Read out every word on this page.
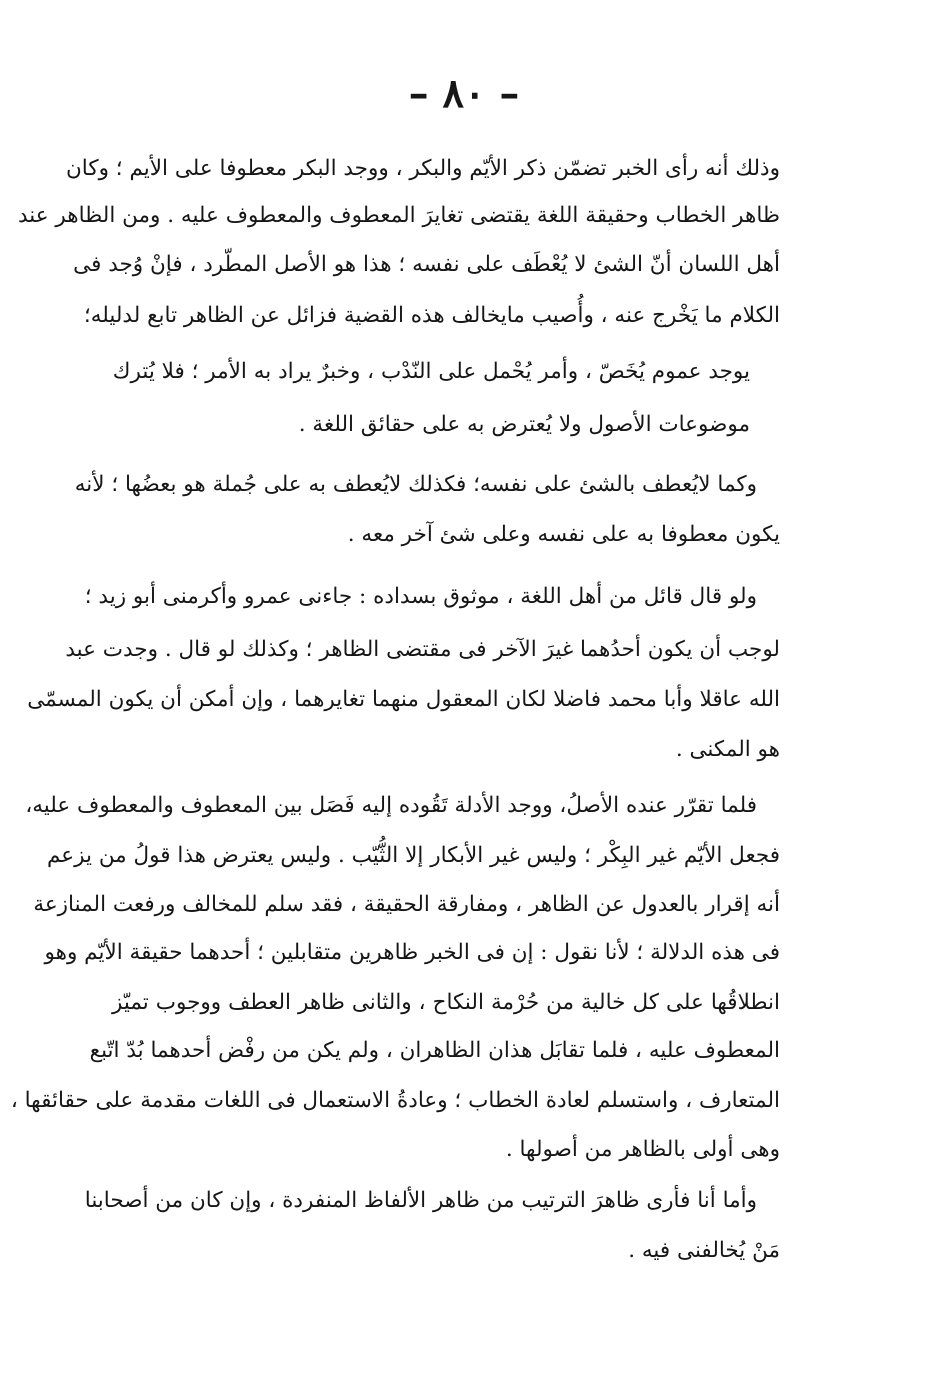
– ٨٠ –
وذلك أنه رأى الخبر تضمّن ذكر الأيّم والبكر ، ووجد البكر معطوفا على الأيم ؛ وكان
ظاهر الخطاب وحقيقة اللغة يقتضى تغايرَ المعطوف والمعطوف عليه . ومن الظاهر عند
أهل اللسان أنّ الشئ لا يُعْطَف على نفسه ؛ هذا هو الأصل المطّرد ، فإنْ وُجد فى
الكلام ما يَخْرج عنه ، وأُصيب مايخالف هذه القضية فزائل عن الظاهر تابع لدليله؛
يوجد عموم يُخَصّ ، وأمر يُحْمل على النّدْب ، وخبرٌ يراد به الأمر ؛ فلا يُترك
موضوعات الأصول ولا يُعترض به على حقائق اللغة .
وكما لايُعطف بالشئ على نفسه؛ فكذلك لايُعطف به على جُملة هو بعضُها ؛ لأنه
يكون معطوفا به على نفسه وعلى شئ آخر معه .
ولو قال قائل من أهل اللغة ، موثوق بسداده : جاءنى عمرو وأكرمنى أبو زيد ؛
لوجب أن يكون أحدُهما غيرَ الآخر فى مقتضى الظاهر ؛ وكذلك لو قال . وجدت عبد
الله عاقلا وأبا محمد فاضلا لكان المعقول منهما تغايرهما ، وإن أمكن أن يكون المسمّى
هو المكنى .
فلما تقرّر عنده الأصلُ، ووجد الأدلة تَقُوده إليه فَصَل بين المعطوف والمعطوف عليه،
فجعل الأيّم غير البِكْر ؛ وليس غير الأبكار إلا الثُّيّب . وليس يعترض هذا قولُ من يزعم
أنه إقرار بالعدول عن الظاهر ، ومفارقة الحقيقة ، فقد سلم للمخالف ورفعت المنازعة
فى هذه الدلالة ؛ لأنا نقول : إن فى الخبر ظاهرين متقابلين ؛ أحدهما حقيقة الأيّم وهو
انطلاقُها على كل خالية من حُرْمة النكاح ، والثانى ظاهر العطف ووجوب تميّز
المعطوف عليه ، فلما تقابَل هذان الظاهران ، ولم يكن من رفْض أحدهما بُدّ اتّبع
المتعارف ، واستسلم لعادة الخطاب ؛ وعادةُ الاستعمال فى اللغات مقدمة على حقائقها ،
وهى أولى بالظاهر من أصولها .
وأما أنا فأرى ظاهرَ الترتيب من ظاهر الألفاظ المنفردة ، وإن كان من أصحابنا
مَنْ يُخالفنى فيه .
